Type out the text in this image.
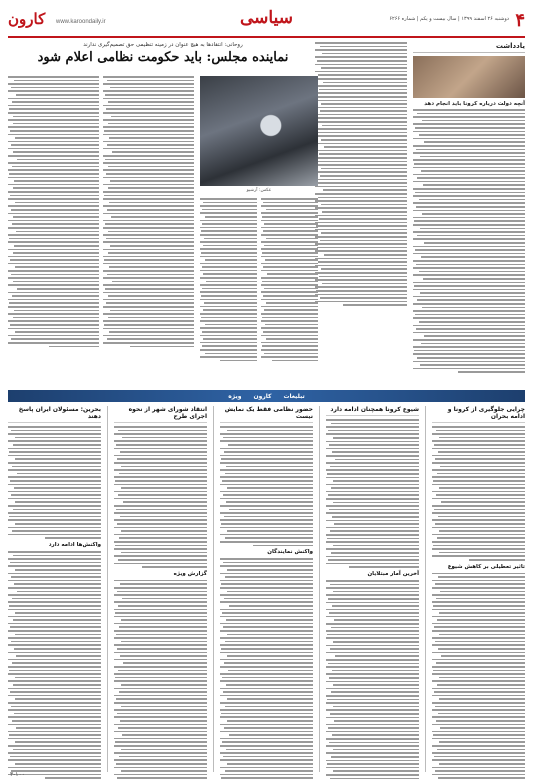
۴
دوشنبه ۲۶ اسفند ۱۳۹۹ | سال بیست و یکم | شماره ۶۲۶۶
سیاسی
www.karoondaily.ir
کارون
یادداشت
آنچه دولت درباره کرونا باید انجام دهد
روحانی: انتقادها به هیچ عنوان در زمینه تنظیمی حق تصمیم‌گیری ندارند
نماینده مجلس: باید حکومت نظامی اعلام شود
عکس: آرشیو
تبلیغات
کارون
ویژه
چرایی جلوگیری از کرونا و ادامه بحران
تاثیر تعطیلی بر کاهش شیوع
شیوع کرونا همچنان ادامه دارد
آخرین آمار مبتلایان
حضور نظامی فقط یک نمایش نیست
واکنش نمایندگان
انتقاد شورای شهر از نحوه اجرای طرح
گزارش ویژه
بحرین: مسئولان ایران پاسخ دهند
واکنش‌ها ادامه دارد
۳-۱۰۰
